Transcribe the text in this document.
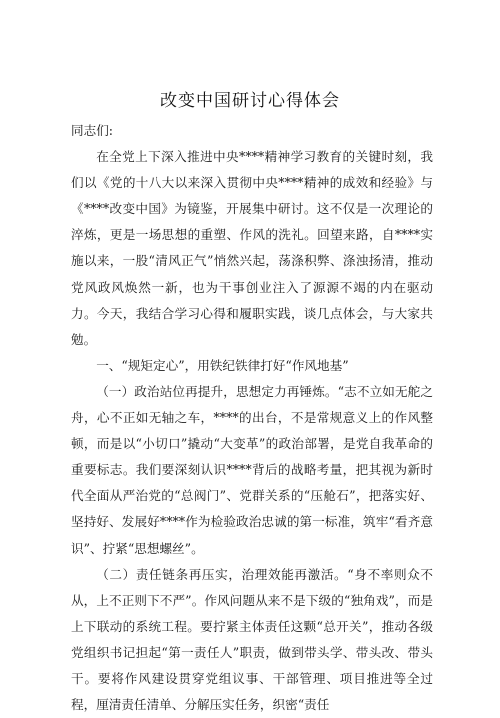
改变中国研讨心得体会

同志们:

在全党上下深入推进中央****精神学习教育的关键时刻，我们以《党的十八大以来深入贯彻中央****精神的成效和经验》与《****改变中国》为镜鉴，开展集中研讨。这不仅是一次理论的淬炼，更是一场思想的重塑、作风的洗礼。回望来路，自****实施以来，一股“清风正气”悄然兴起，荡涤积弊、涤浊扬清，推动党风政风焕然一新，也为干事创业注入了源源不竭的内在驱动力。今天，我结合学习心得和履职实践，谈几点体会，与大家共勉。

一、“规矩定心”，用铁纪铁律打好“作风地基”

（一）政治站位再提升，思想定力再锤炼。“志不立如无舵之舟，心不正如无轴之车，****的出台，不是常规意义上的作风整顿，而是以“小切口”撬动“大变革”的政治部署，是党自我革命的重要标志。我们要深刻认识****背后的战略考量，把其视为新时代全面从严治党的“总阀门”、党群关系的“压舱石”，把落实好、坚持好、发展好****作为检验政治忠诚的第一标准，筑牢“看齐意识”、拧紧“思想螺丝”。

（二）责任链条再压实，治理效能再激活。“身不率则众不从，上不正则下不严”。作风问题从来不是下级的“独角戏”，而是上下联动的系统工程。要拧紧主体责任这颗“总开关”，推动各级党组织书记担起“第一责任人”职责，做到带头学、带头改、带头干。要将作风建设贯穿党组议事、干部管理、项目推进等全过程，厘清责任清单、分解压实任务，织密“责任
